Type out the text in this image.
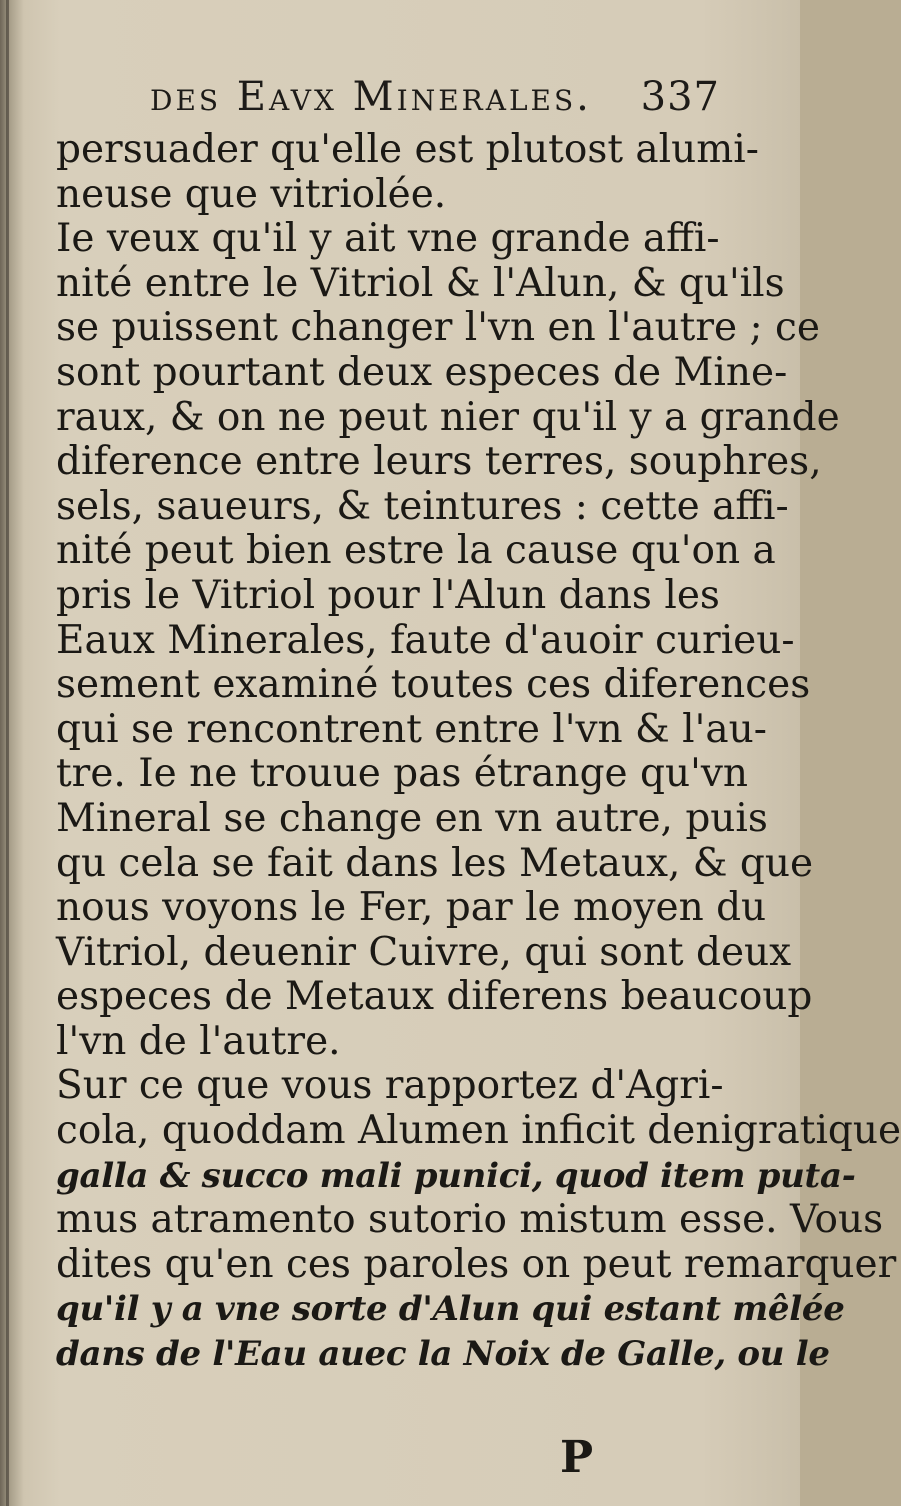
des Eavx Minerales. 337
persuader qu'elle est plutost alumi-
neuse que vitriolée.
Ie veux qu'il y ait vne grande affi-
nité entre le Vitriol & l'Alun, & qu'ils
se puissent changer l'vn en l'autre ; ce
sont pourtant deux especes de Mine-
raux, & on ne peut nier qu'il y a grande
diference entre leurs terres, souphres,
sels, saueurs, & teintures : cette affi-
nité peut bien estre la cause qu'on a
pris le Vitriol pour l'Alun dans les
Eaux Minerales, faute d'auoir curieu-
sement examiné toutes ces diferences
qui se rencontrent entre l'vn & l'au-
tre. Ie ne trouue pas étrange qu'vn
Mineral se change en vn autre, puis
qu cela se fait dans les Metaux, & que
nous voyons le Fer, par le moyen du
Vitriol, deuenir Cuivre, qui sont deux
especes de Metaux diferens beaucoup
l'vn de l'autre.
Sur ce que vous rapportez d'Agri-
cola, quoddam Alumen inficit denigratique
galla & succo mali punici, quod item puta-
mus atramento sutorio mistum esse. Vous
dites qu'en ces paroles on peut remarquer
qu'il y a vne sorte d'Alun qui estant mêlée
dans de l'Eau auec la Noix de Galle, ou le
P
